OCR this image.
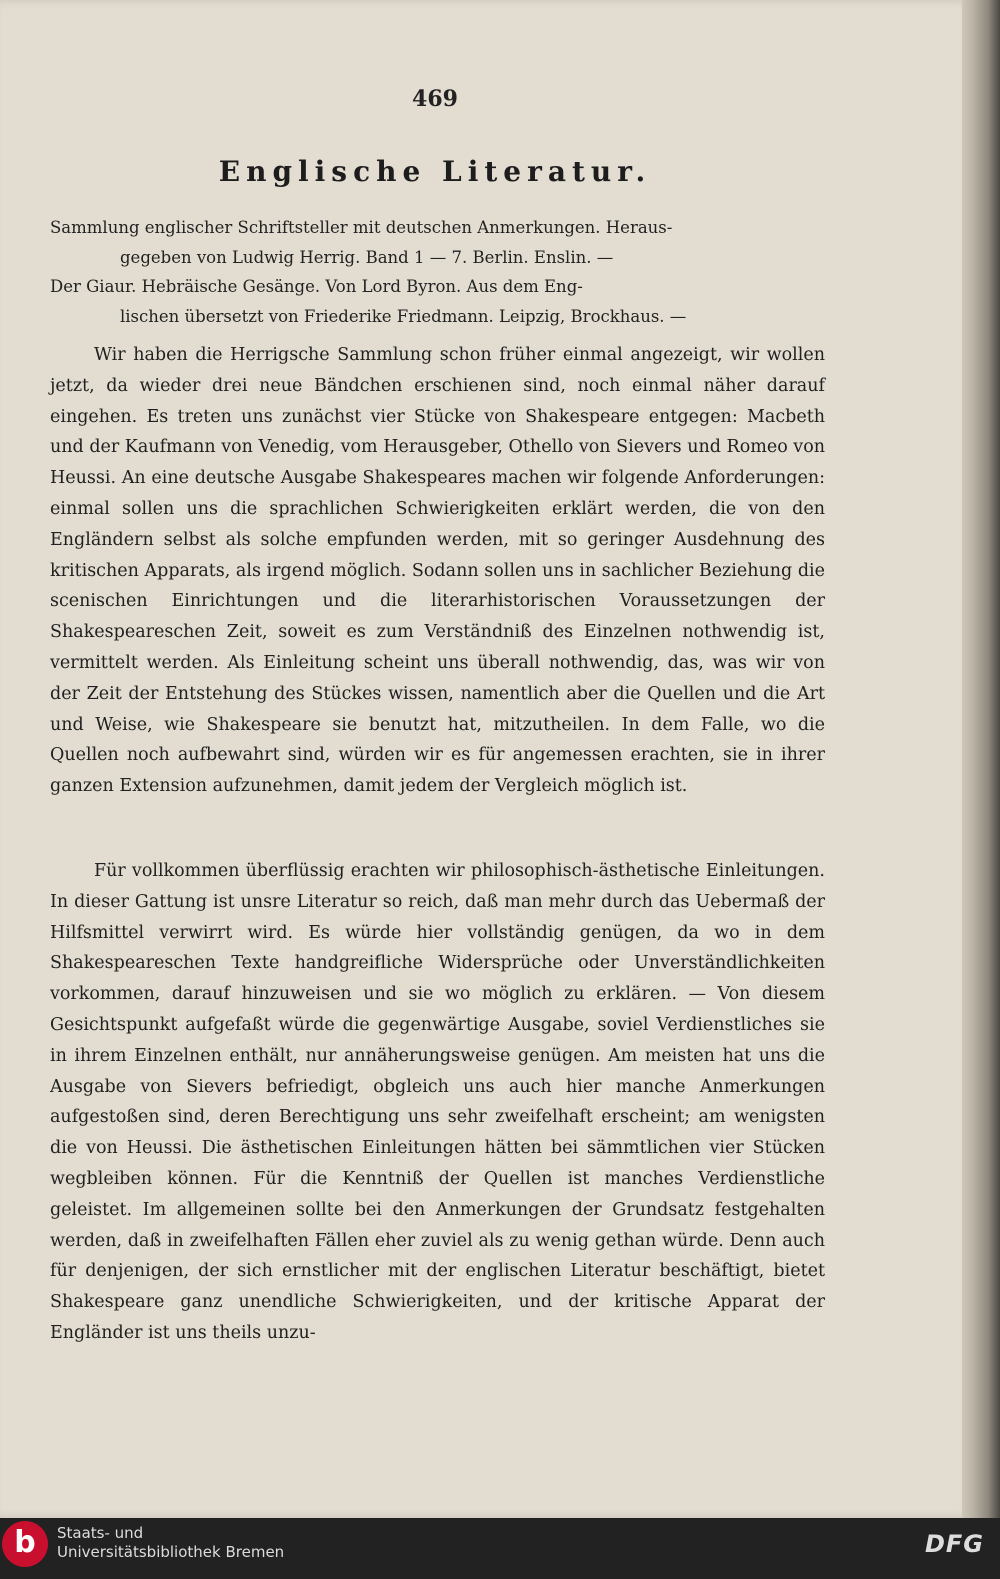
469
Englische Literatur.

Sammlung englischer Schriftsteller mit deutschen Anmerkungen. Heraus-

gegeben von Ludwig Herrig. Band 1 — 7. Berlin. Enslin. —

Der Giaur. Hebräische Gesänge. Von Lord Byron. Aus dem Eng-

lischen übersetzt von Friederike Friedmann. Leipzig, Brockhaus. —

Wir haben die Herrigsche Sammlung schon früher einmal angezeigt, wir wollen jetzt, da wieder drei neue Bändchen erschienen sind, noch einmal näher darauf eingehen. Es treten uns zunächst vier Stücke von Shakespeare entgegen: Macbeth und der Kaufmann von Venedig, vom Herausgeber, Othello von Sievers und Romeo von Heussi. An eine deutsche Ausgabe Shakespeares machen wir folgende Anforderungen: einmal sollen uns die sprachlichen Schwierigkeiten erklärt werden, die von den Engländern selbst als solche empfunden werden, mit so geringer Ausdehnung des kritischen Apparats, als irgend möglich. Sodann sollen uns in sachlicher Beziehung die scenischen Einrichtungen und die literarhistorischen Voraussetzungen der Shakespeareschen Zeit, soweit es zum Verständniß des Einzelnen nothwendig ist, vermittelt werden. Als Einleitung scheint uns überall nothwendig, das, was wir von der Zeit der Entstehung des Stückes wissen, namentlich aber die Quellen und die Art und Weise, wie Shakespeare sie benutzt hat, mitzutheilen. In dem Falle, wo die Quellen noch aufbewahrt sind, würden wir es für angemessen erachten, sie in ihrer ganzen Extension aufzunehmen, damit jedem der Vergleich möglich ist.

Für vollkommen überflüssig erachten wir philosophisch-ästhetische Einleitungen. In dieser Gattung ist unsre Literatur so reich, daß man mehr durch das Uebermaß der Hilfsmittel verwirrt wird. Es würde hier vollständig genügen, da wo in dem Shakespeareschen Texte handgreifliche Widersprüche oder Unverständlichkeiten vorkommen, darauf hinzuweisen und sie wo möglich zu erklären. — Von diesem Gesichtspunkt aufgefaßt würde die gegenwärtige Ausgabe, soviel Verdienstliches sie in ihrem Einzelnen enthält, nur annäherungsweise genügen. Am meisten hat uns die Ausgabe von Sievers befriedigt, obgleich uns auch hier manche Anmerkungen aufgestoßen sind, deren Berechtigung uns sehr zweifelhaft erscheint; am wenigsten die von Heussi. Die ästhetischen Einleitungen hätten bei sämmtlichen vier Stücken wegbleiben können. Für die Kenntniß der Quellen ist manches Verdienstliche geleistet. Im allgemeinen sollte bei den Anmerkungen der Grundsatz festgehalten werden, daß in zweifelhaften Fällen eher zuviel als zu wenig gethan würde. Denn auch für denjenigen, der sich ernstlicher mit der englischen Literatur beschäftigt, bietet Shakespeare ganz unendliche Schwierigkeiten, und der kritische Apparat der Engländer ist uns theils unzu-

b	Staats- und
Universitätsbibliothek Bremen	DFG
